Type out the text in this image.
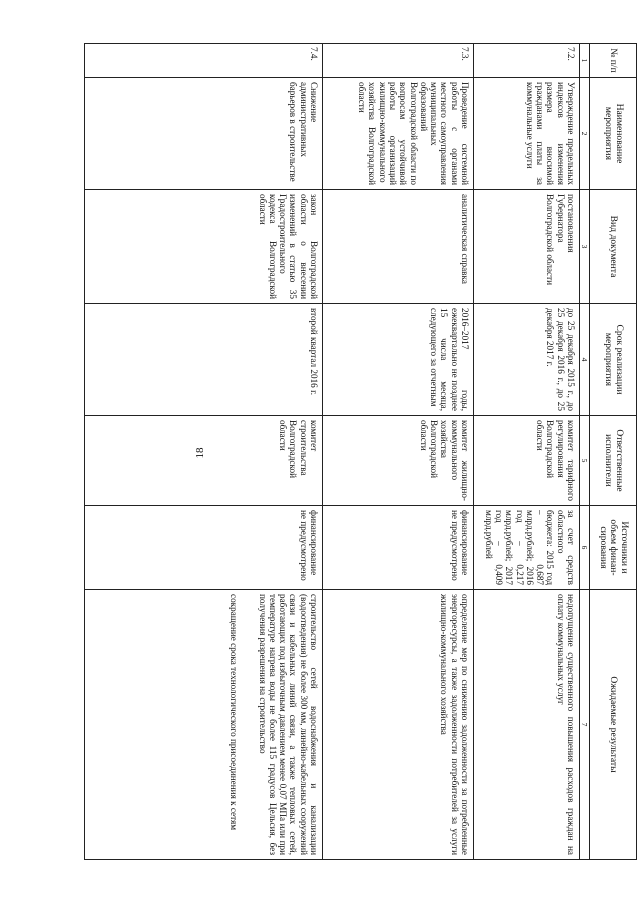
18
№ п/п	Наименование мероприятия	Вид документа	Срок реализации мероприятия	Ответственные исполнители	Источники и объем финан-сирования	Ожидаемые результаты
1	2	3	4	5	6	7
7.2.	Утверждение предельных индексов изменения размера вносимой гражданами платы за коммунальные услуги	постановления Губернатора Волгоградской области	до 25 декабря 2015 г., до 25 декабря 2016 г., до 25 декабря 2017 г.	комитет тарифного регулирования Волгоградской области	за счет средств областного бюджета: 2015 год – 0,687 млрд.рублей; 2016 год – 0,217 млрд.рублей; 2017 год – 0,409 млрд.рублей	недопущение существенного повышения расходов граждан на оплату коммунальных услуг

7.3.	Проведение системной работы с органами местного самоуправления муниципальных образований Волгоградской области по вопросам устойчивой работы организаций жилищно-коммунального хозяйства Волгоградской области	аналитическая справка	2016–2017 годы, ежеквартально не позднее 15 числа месяца, следующего за отчетным	комитет жилищно-коммунального хозяйства Волгоградской области	финансирование не предусмотрено	определение мер по снижению задолженности за потребленные энергоресурсы, а также задолженности потребителей за услуги жилищно-коммунального хозяйства

7.4.	Снижение административных барьеров в строительстве	закон Волгоградской области о внесении изменений в статью 35 Градостроительного кодекса Волгоградской области	второй квартал 2016 г.	комитет строительства Волгоградской области	финансирование не предусмотрено	строительство сетей водоснабжения и канализации (водоотведения) не более 300 мм, линейно-кабельных сооружений связи и кабельных линий связи, а также тепловых сетей, работающих под избыточным давлением менее 0,07 МПа или при температуре нагрева воды не более 115 градусов Цельсия, без получения разрешения на строительство

сокращение срока технологического присоединения к сетям
